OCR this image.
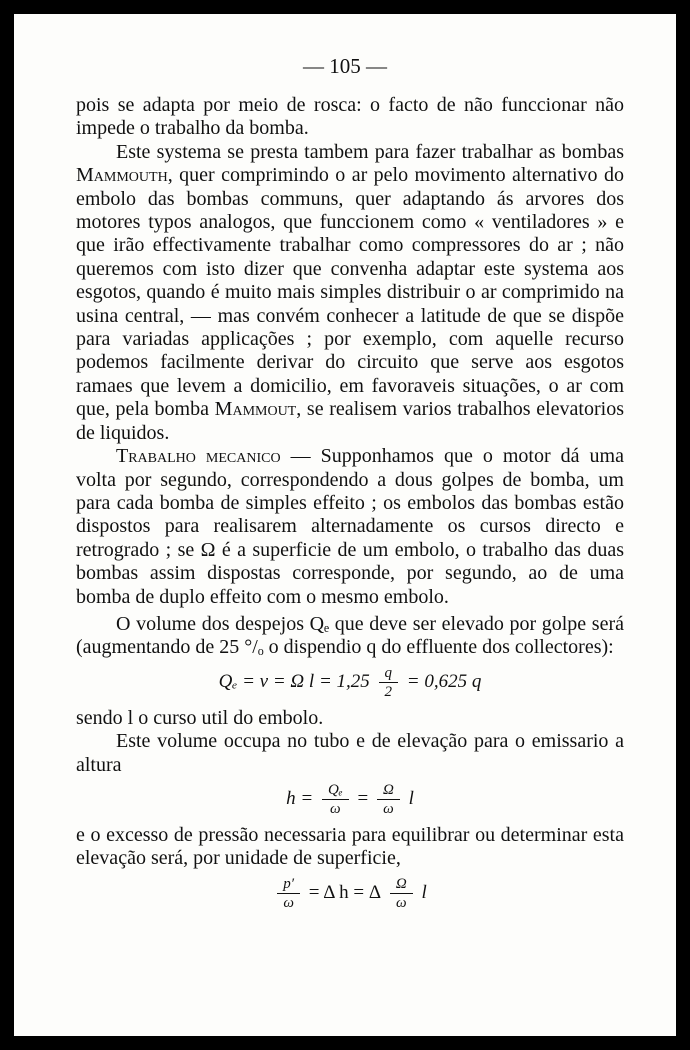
— 105 —

pois se adapta por meio de rosca: o facto de não funccionar não impede o trabalho da bomba.

Este systema se presta tambem para fazer trabalhar as bombas Mammouth, quer comprimindo o ar pelo movimento alternativo do embolo das bombas communs, quer adaptando ás arvores dos motores typos analogos, que funccionem como « ventiladores » e que irão effectivamente trabalhar como compressores do ar ; não queremos com isto dizer que convenha adaptar este systema aos esgotos, quando é muito mais simples distribuir o ar comprimido na usina central, — mas convém conhecer a latitude de que se dispõe para variadas applicações ; por exemplo, com aquelle recurso podemos facilmente derivar do circuito que serve aos esgotos ramaes que levem a domicilio, em favoraveis situações, o ar com que, pela bomba Mammout, se realisem varios trabalhos elevatorios de liquidos.

Trabalho mecanico — Supponhamos que o motor dá uma volta por segundo, correspondendo a dous golpes de bomba, um para cada bomba de simples effeito ; os embolos das bombas estão dispostos para realisarem alternadamente os cursos directo e retrogrado ; se Ω é a superficie de um embolo, o trabalho das duas bombas assim dispostas corresponde, por segundo, ao de uma bomba de duplo effeito com o mesmo embolo.

O volume dos despejos Qₑ que deve ser elevado por golpe será (augmentando de 25 °/ₒ o dispendio q do effluente dos collectores):

Qₑ = v = Ω $l = 1,25 \frac{q}{2} = 0,625$ q

sendo l o curso util do embolo.

Este volume occupa no tubo e de elevação para o emissario a altura

$h = \frac{\text{Qₑ}}{\omega} = \frac{\Omega}{\omega}$ l

e o excesso de pressão necessaria para equilibrar ou determinar esta elevação será, por unidade de superficie,

$\frac{p'}{\omega} = \Delta$ h = Δ $\frac{\Omega}{\omega}$ l
